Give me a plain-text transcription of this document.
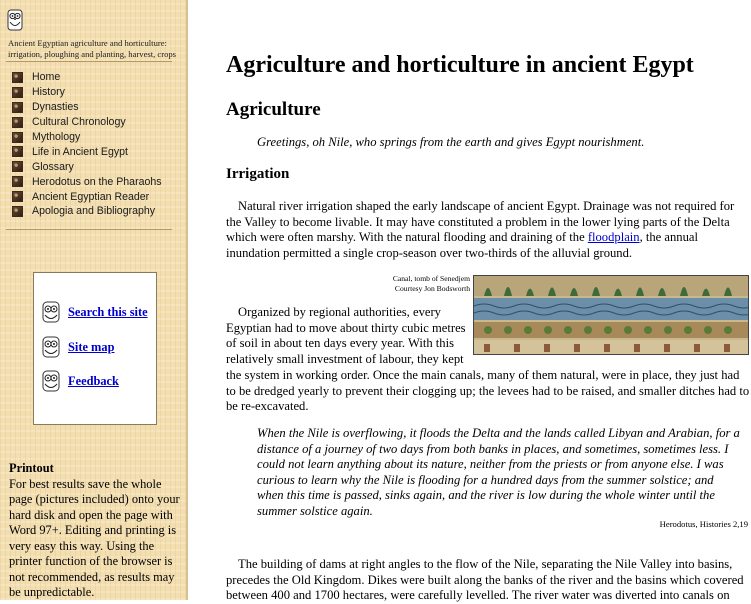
Ancient Egyptian agriculture and horticulture: irrigation, ploughing and planting, harvest, crops
Home
History
Dynasties
Cultural Chronology
Mythology
Life in Ancient Egypt
Glossary
Herodotus on the Pharaohs
Ancient Egyptian Reader
Apologia and Bibliography
Search this site
Site map
Feedback
Printout
For best results save the whole page (pictures included) onto your hard disk and open the page with Word 97+. Editing and printing is very easy this way. Using the printer function of the browser is not recommended, as results may be unpredictable.
Agriculture and horticulture in ancient Egypt
Agriculture
Greetings, oh Nile, who springs from the earth and gives Egypt nourishment.
Irrigation

Natural river irrigation shaped the early landscape of ancient Egypt. Drainage was not required for the Valley to become livable. It may have constituted a problem in the lower lying parts of the Delta which were often marshy. With the natural flooding and draining of the floodplain, the annual inundation permitted a single crop-season over two-thirds of the alluvial ground.

Canal, tomb of Senedjem
Courtesy Jon Bodsworth

Organized by regional authorities, every Egyptian had to move about thirty cubic metres of soil in about ten days every year. With this relatively small investment of labour, they kept

the system in working order. Once the main canals, many of them natural, were in place, they just had to be dredged yearly to prevent their clogging up; the levees had to be raised, and smaller ditches had to be re-excavated.

When the Nile is overflowing, it floods the Delta and the lands called Libyan and Arabian, for a distance of a journey of two days from both banks in places, and sometimes, sometimes less. I could not learn anything about its nature, neither from the priests or from anyone else. I was curious to learn why the Nile is flooding for a hundred days from the summer solstice; and when this time is passed, sinks again, and the river is low during the whole winter until the summer solstice again.

Herodotus, Histories 2,19

The building of dams at right angles to the flow of the Nile, separating the Nile Valley into basins, precedes the Old Kingdom. Dikes were built along the banks of the river and the basins which covered between 400 and 1700 hectares, were carefully levelled. The river water was diverted into canals on
